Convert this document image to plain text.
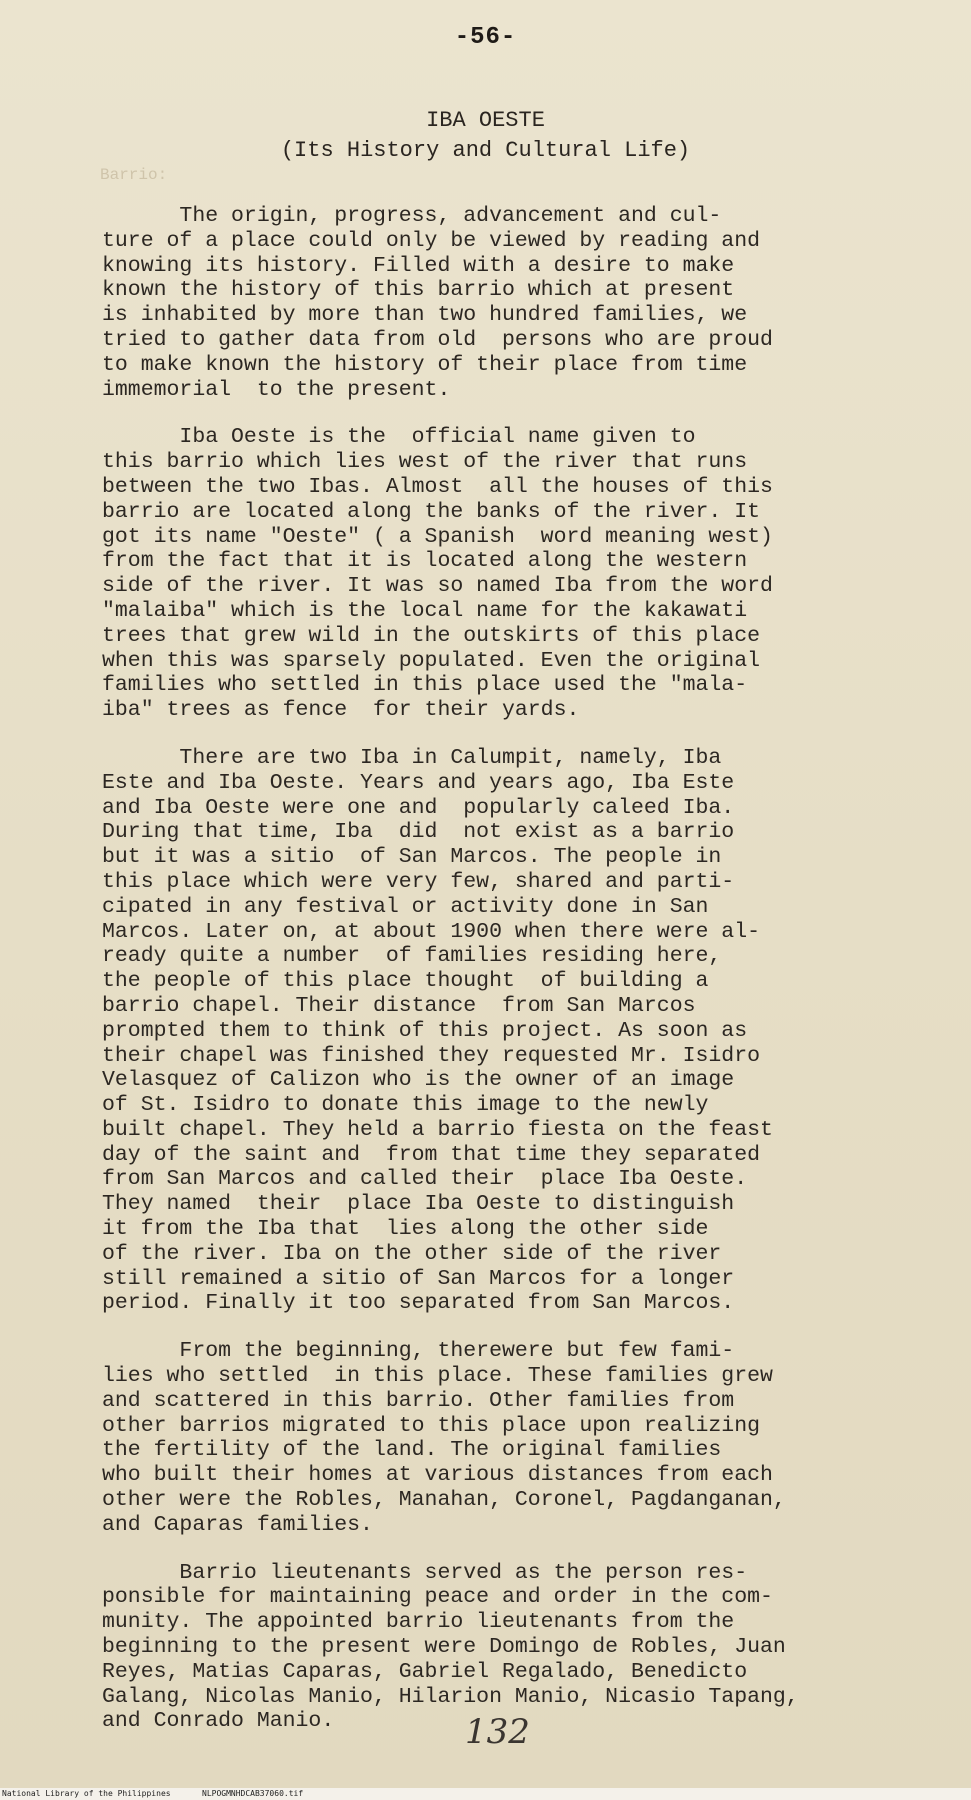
Barrio:
-56-
IBA OESTE
(Its History and Cultural Life)
The origin, progress, advancement and cul-
ture of a place could only be viewed by reading and
knowing its history. Filled with a desire to make
known the history of this barrio which at present
is inhabited by more than two hundred families, we
tried to gather data from old  persons who are proud
to make known the history of their place from time
immemorial  to the present.
Iba Oeste is the  official name given to
this barrio which lies west of the river that runs
between the two Ibas. Almost  all the houses of this
barrio are located along the banks of the river. It
got its name "Oeste" ( a Spanish  word meaning west)
from the fact that it is located along the western
side of the river. It was so named Iba from the word
"malaiba" which is the local name for the kakawati
trees that grew wild in the outskirts of this place
when this was sparsely populated. Even the original
families who settled in this place used the "mala-
iba" trees as fence  for their yards.
There are two Iba in Calumpit, namely, Iba
Este and Iba Oeste. Years and years ago, Iba Este
and Iba Oeste were one and  popularly caleed Iba.
During that time, Iba  did  not exist as a barrio
but it was a sitio  of San Marcos. The people in
this place which were very few, shared and parti-
cipated in any festival or activity done in San
Marcos. Later on, at about 1900 when there were al-
ready quite a number  of families residing here,
the people of this place thought  of building a
barrio chapel. Their distance  from San Marcos
prompted them to think of this project. As soon as
their chapel was finished they requested Mr. Isidro
Velasquez of Calizon who is the owner of an image
of St. Isidro to donate this image to the newly
built chapel. They held a barrio fiesta on the feast
day of the saint and  from that time they separated
from San Marcos and called their  place Iba Oeste.
They named  their  place Iba Oeste to distinguish
it from the Iba that  lies along the other side
of the river. Iba on the other side of the river
still remained a sitio of San Marcos for a longer
period. Finally it too separated from San Marcos.
From the beginning, therewere but few fami-
lies who settled  in this place. These families grew
and scattered in this barrio. Other families from
other barrios migrated to this place upon realizing
the fertility of the land. The original families
who built their homes at various distances from each
other were the Robles, Manahan, Coronel, Pagdanganan,
and Caparas families.
Barrio lieutenants served as the person res-
ponsible for maintaining peace and order in the com-
munity. The appointed barrio lieutenants from the
beginning to the present were Domingo de Robles, Juan
Reyes, Matias Caparas, Gabriel Regalado, Benedicto
Galang, Nicolas Manio, Hilarion Manio, Nicasio Tapang,
and Conrado Manio.	132
National Library of the Philippines	NLPOGMNHDCAB37060.tif
